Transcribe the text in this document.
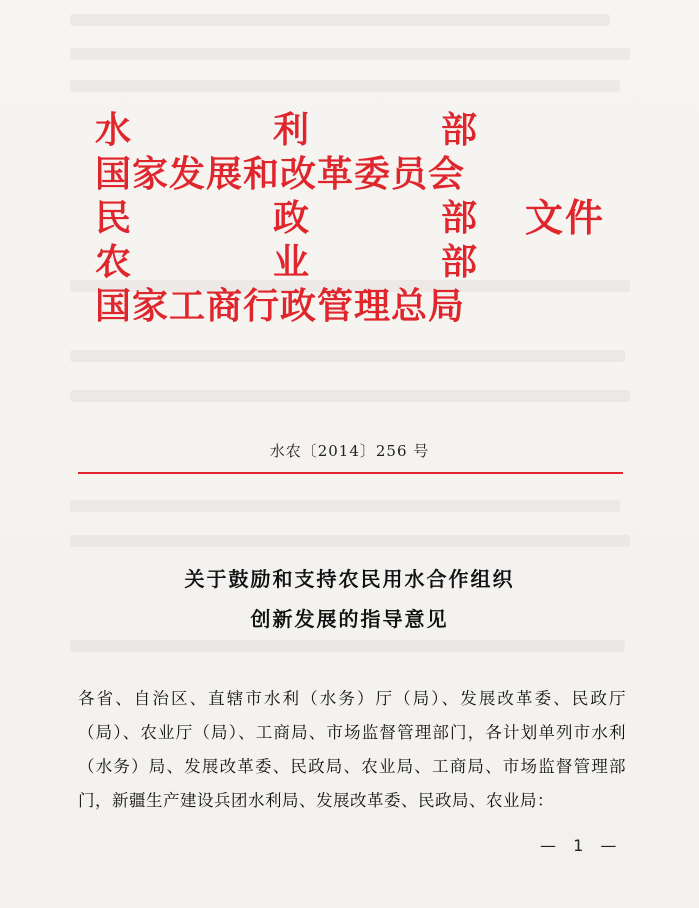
水	利	部
国家发展和改革委员会
民	政	部 文件
农	业	部
国家工商行政管理总局
水农〔2014〕256 号
关于鼓励和支持农民用水合作组织
创新发展的指导意见
各省、自治区、直辖市水利（水务）厅（局）、发展改革委、民政厅（局）、农业厅（局）、工商局、市场监督管理部门，各计划单列市水利（水务）局、发展改革委、民政局、农业局、工商局、市场监督管理部门，新疆生产建设兵团水利局、发展改革委、民政局、农业局：
— 1 —
